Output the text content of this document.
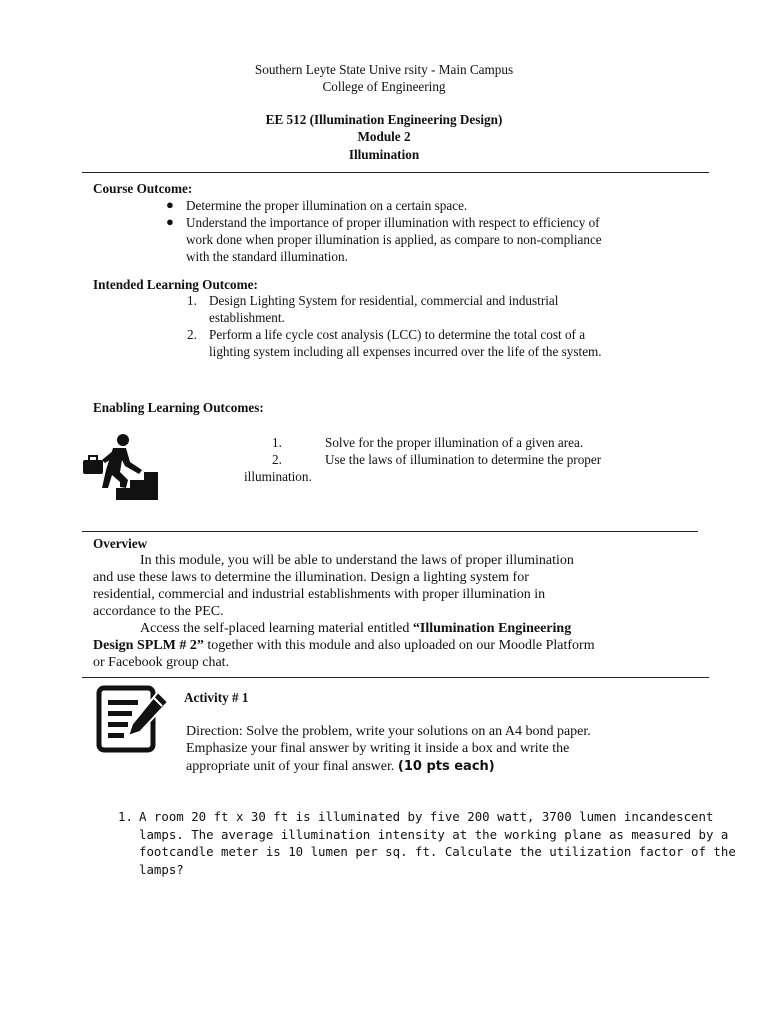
Southern Leyte State Unive rsity - Main Campus
College of Engineering
EE 512 (Illumination Engineering Design)
Module 2
Illumination
Course Outcome:
● Determine the proper illumination on a certain space.
● Understand the importance of proper illumination with respect to efficiency of
work done when proper illumination is applied, as compare to non-compliance
with the standard illumination.
Intended Learning Outcome:
1. Design Lighting System for residential, commercial and industrial
establishment.
2. Perform a life cycle cost analysis (LCC) to determine the total cost of a
lighting system including all expenses incurred over the life of the system.
Enabling Learning Outcomes:
1.	Solve for the proper illumination of a given area.
2.	Use the laws of illumination to determine the proper
illumination.
Overview
In this module, you will be able to understand the laws of proper illumination
and use these laws to determine the illumination. Design a lighting system for
residential, commercial and industrial establishments with proper illumination in
accordance to the PEC.
Access the self-placed learning material entitled “Illumination Engineering
Design SPLM # 2” together with this module and also uploaded on our Moodle Platform
or Facebook group chat.
Activity # 1
Direction: Solve the problem, write your solutions on an A4 bond paper.
Emphasize your final answer by writing it inside a box and write the
appropriate unit of your final answer. (10 pts each)
1. A room 20 ft x 30 ft is illuminated by five 200 watt, 3700 lumen incandescent
lamps. The average illumination intensity at the working plane as measured by a
footcandle meter is 10 lumen per sq. ft. Calculate the utilization factor of the
lamps?
